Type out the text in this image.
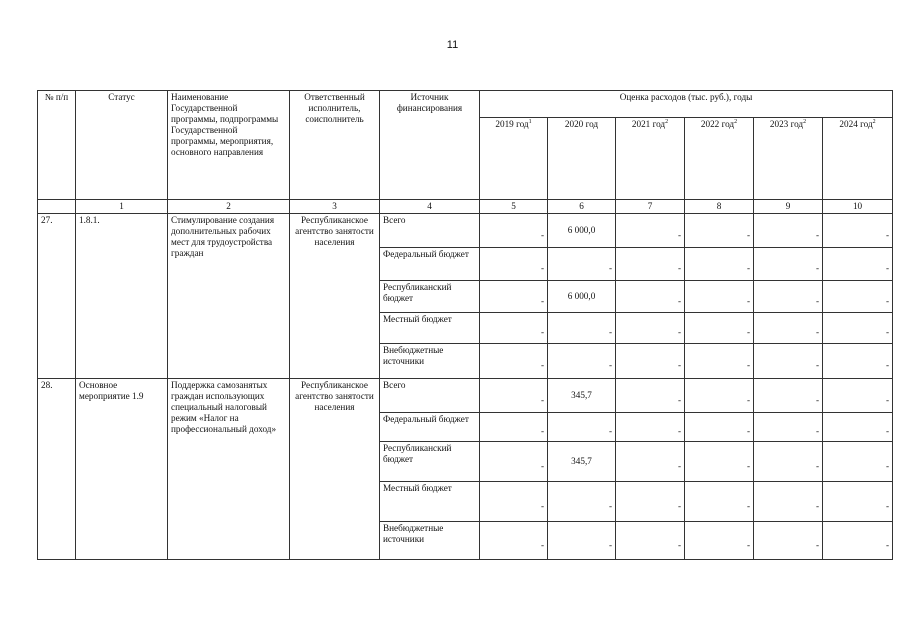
11
№ п/п	Статус	Наименование Государственной программы, подпрограммы Государственной программы, мероприятия, основного направления	Ответственный исполнитель, соисполнитель	Источник финансирования	Оценка расходов (тыс. руб.), годы					
					2019 год$^1$	2020 год	2021 год$^2$	2022 год$^2$	2023 год$^2$	2024 год$^2$
	1	2	3	4	5	6	7	8	9	10
27.	1.8.1.	Стимулирование создания дополнительных рабочих мест для трудоустройства граждан	Республиканское агентство занятости населения	Всего	-	6 000,0	-	-	-	-
				Федеральный бюджет	-	-	-	-	-	-
				Республиканский бюджет	-	6 000,0	-	-	-	-
				Местный бюджет	-	-	-	-	-	-
				Внебюджетные источники	-	-	-	-	-	-
28.	Основное мероприятие 1.9	Поддержка самозанятых граждан использующих специальный налоговый режим «Налог на профессиональный доход»	Республиканское агентство занятости населения	Всего	-	345,7	-	-	-	-
				Федеральный бюджет	-	-	-	-	-	-
				Республиканский бюджет	-	345,7	-	-	-	-
				Местный бюджет	-	-	-	-	-	-
				Внебюджетные источники	-	-	-	-	-	-
